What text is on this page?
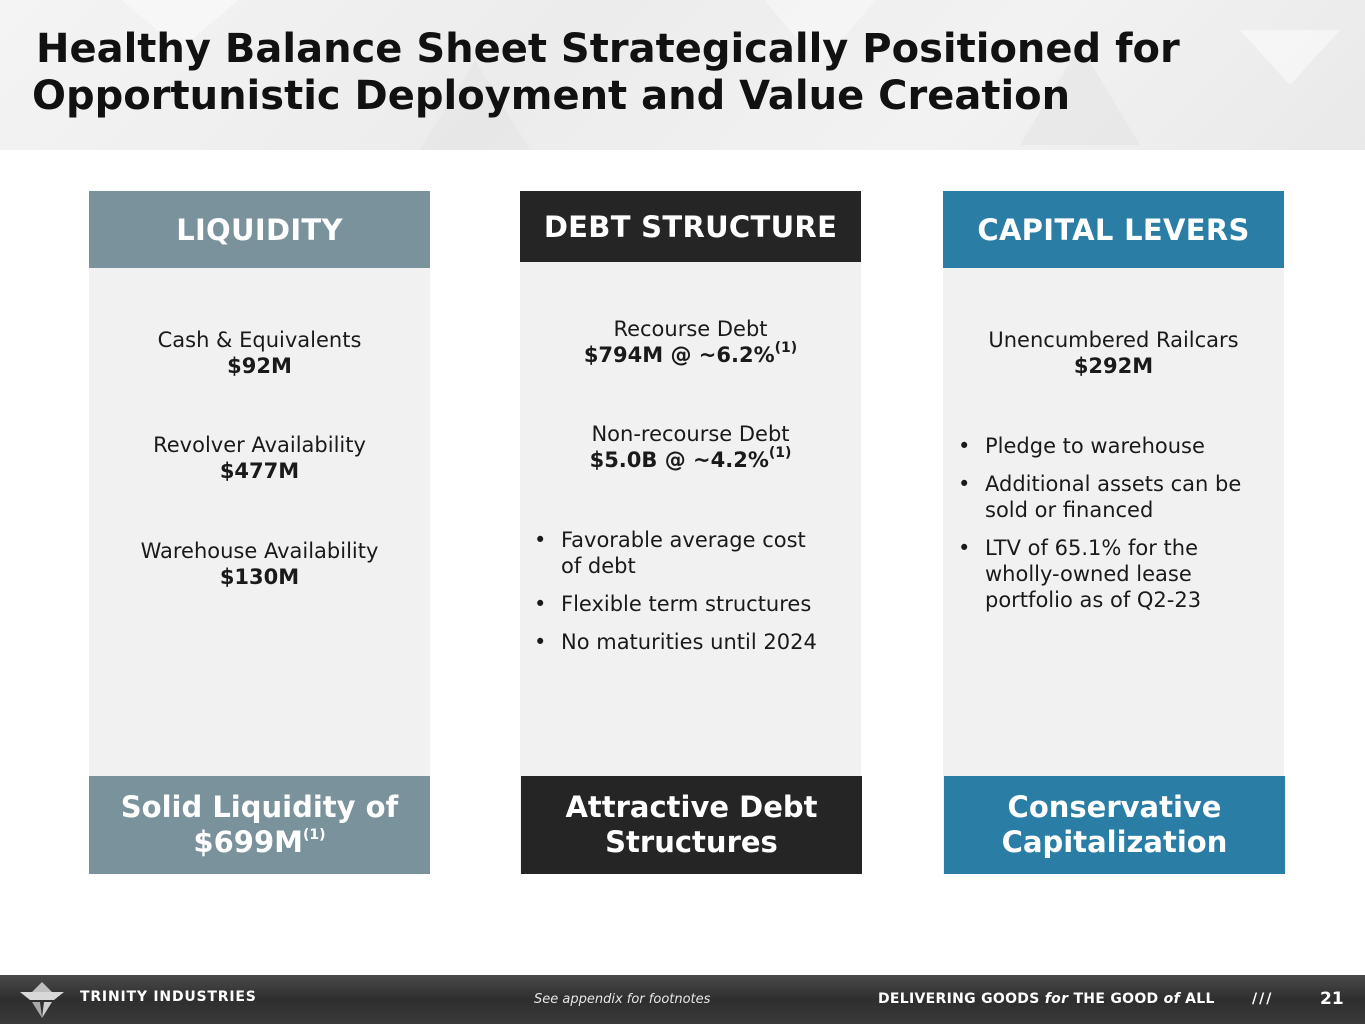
Healthy Balance Sheet Strategically Positioned for
Opportunistic Deployment and Value Creation
LIQUIDITY
Cash & Equivalents
$92M
Revolver Availability
$477M
Warehouse Availability
$130M
Solid Liquidity of
$\$699M^{(1)}$
DEBT STRUCTURE
Recourse Debt
$794M @ ~6.2%$^{(1)}$
Non-recourse Debt
$5.0B @ ~4.2%$^{(1)}$
• Favorable average cost
of debt
• Flexible term structures
• No maturities until 2024
Attractive Debt
Structures
CAPITAL LEVERS
Unencumbered Railcars
$292M
• Pledge to warehouse
• Additional assets can be
sold or financed
• LTV of 65.1% for the
wholly-owned lease
portfolio as of Q2-23
Conservative
Capitalization
TRINITY INDUSTRIES	See appendix for footnotes	DELIVERING GOODS for THE GOOD of ALL	///	21
